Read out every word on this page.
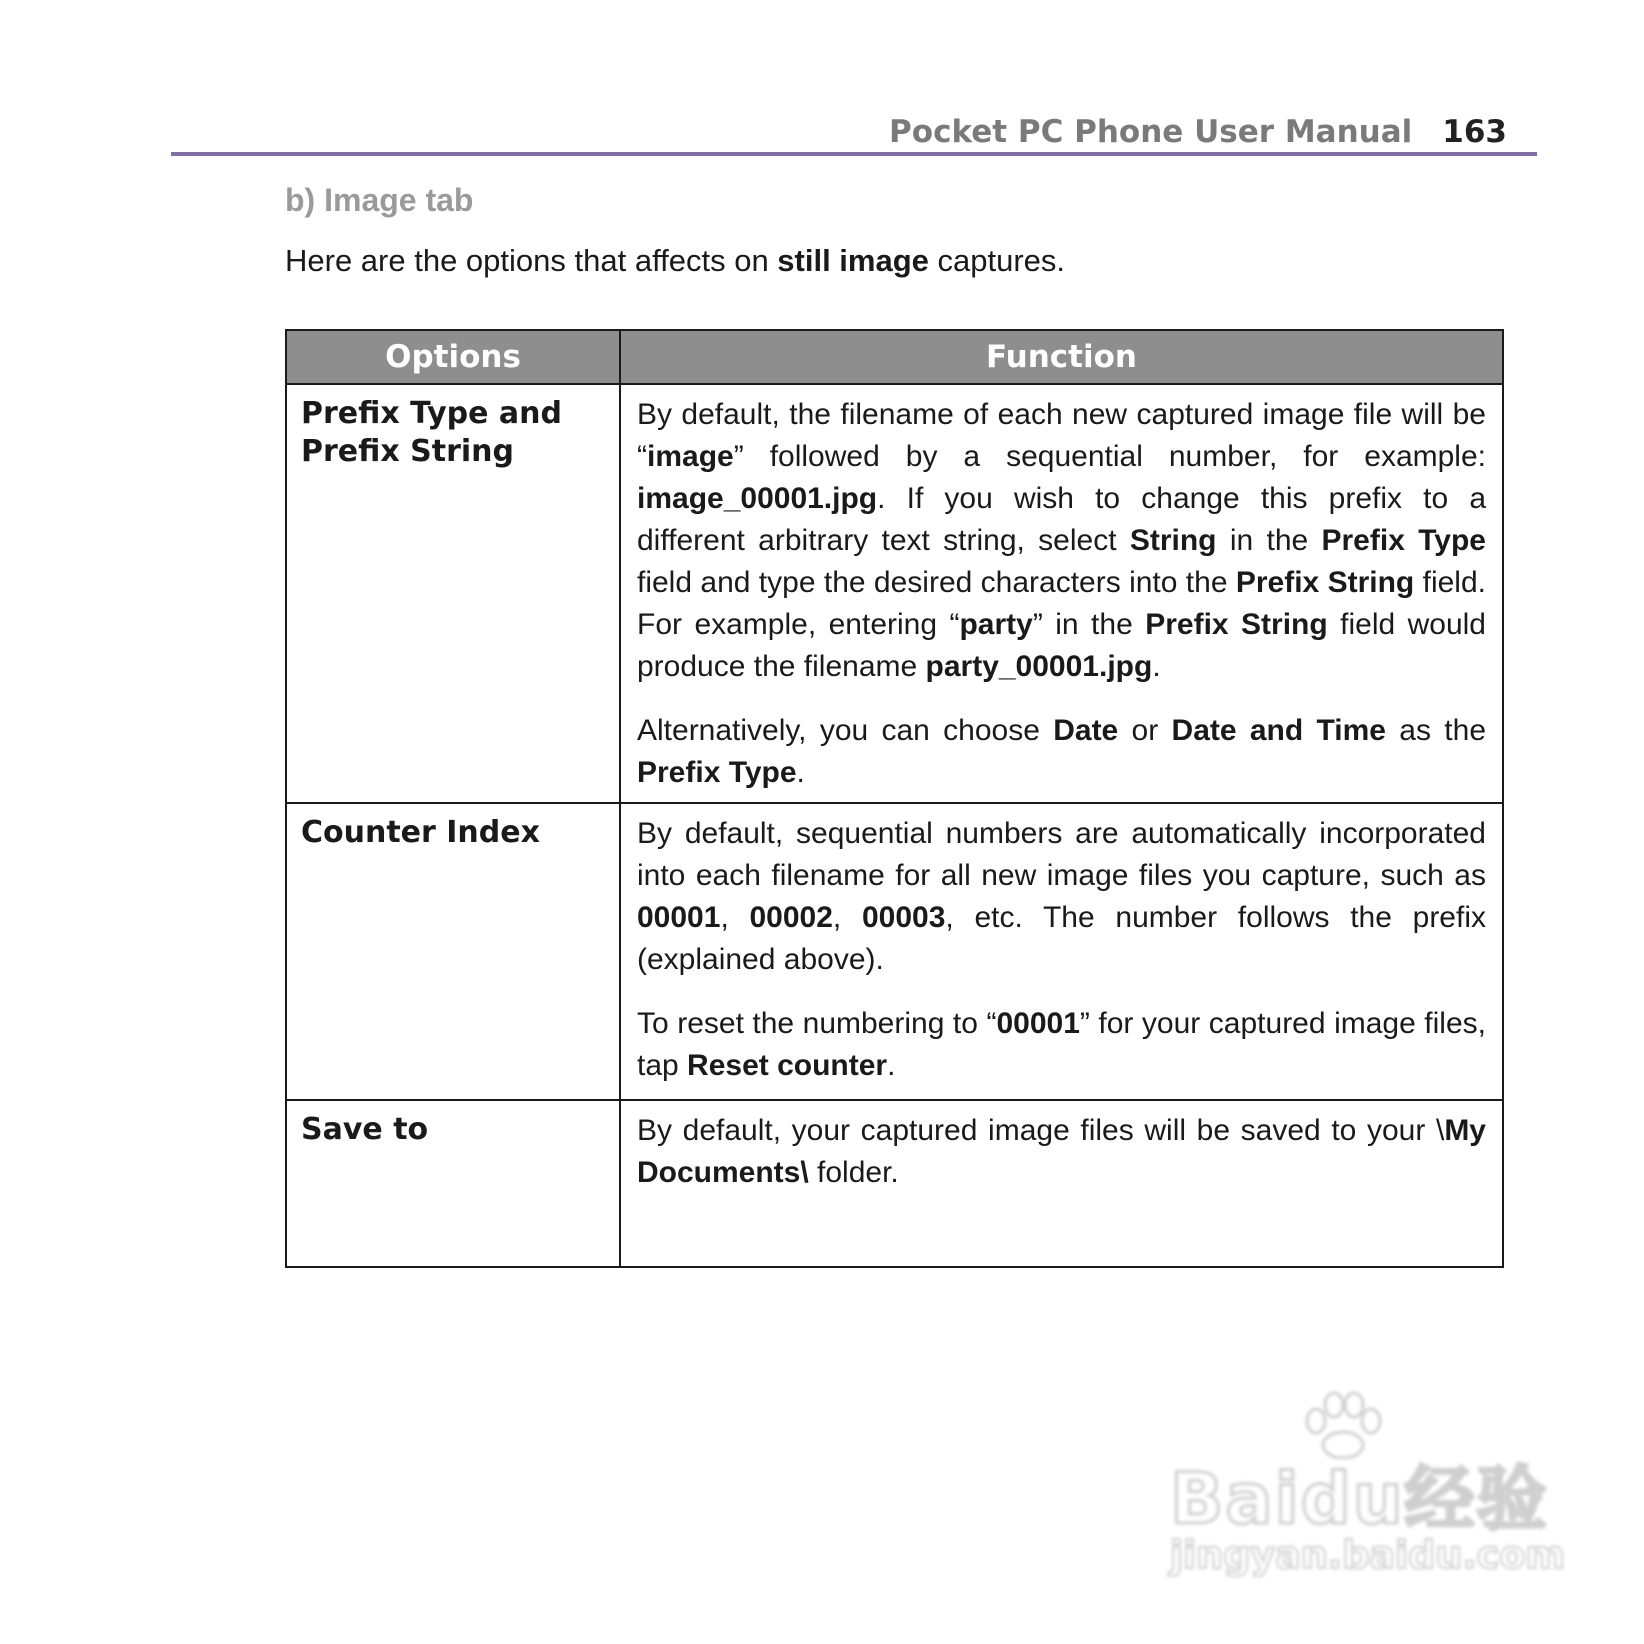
Pocket PC Phone User Manual 163
b) Image tab
Here are the options that affects on still image captures.
Options	Function
Prefix Type and Prefix String	By default, the filename of each new captured image file will be “image” followed by a sequential number, for example: image_00001.jpg. If you wish to change this prefix to a different arbitrary text string, select String in the Prefix Type field and type the desired characters into the Prefix String field. For example, entering “party” in the Prefix String field would produce the filename party_00001.jpg.

Alternatively, you can choose Date or Date and Time as the Prefix Type.

Counter Index	By default, sequential numbers are automatically incorporated into each filename for all new image files you capture, such as 00001, 00002, 00003, etc. The number follows the prefix (explained above).

To reset the numbering to “00001” for your captured image files, tap Reset counter.

Save to	By default, your captured image files will be saved to your \My Documents\ folder.

Baidu经验
jingyan.baidu.com
